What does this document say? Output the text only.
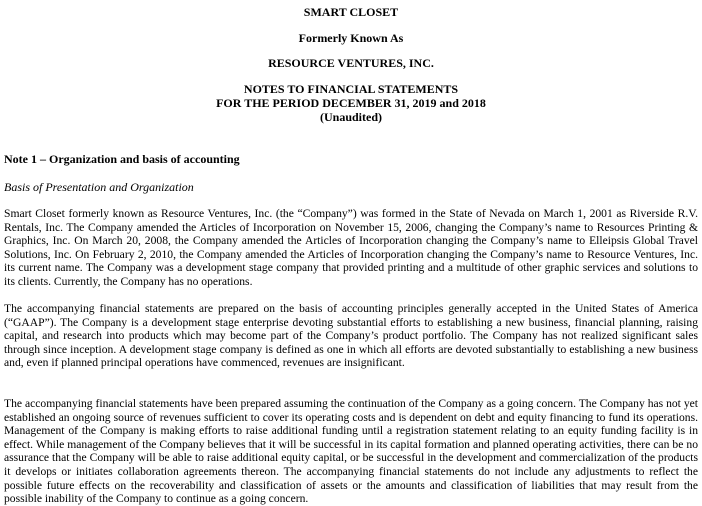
SMART CLOSET
Formerly Known As
RESOURCE VENTURES, INC.
NOTES TO FINANCIAL STATEMENTS
FOR THE PERIOD DECEMBER 31, 2019 and 2018
(Unaudited)
Note 1 – Organization and basis of accounting
Basis of Presentation and Organization

Smart Closet formerly known as Resource Ventures, Inc. (the “Company”) was formed in the State of Nevada on March 1, 2001 as Riverside R.V. Rentals, Inc. The Company amended the Articles of Incorporation on November 15, 2006, changing the Company’s name to Resources Printing & Graphics, Inc. On March 20, 2008, the Company amended the Articles of Incorporation changing the Company’s name to Elleipsis Global Travel Solutions, Inc. On February 2, 2010, the Company amended the Articles of Incorporation changing the Company’s name to Resource Ventures, Inc. its current name. The Company was a development stage company that provided printing and a multitude of other graphic services and solutions to its clients. Currently, the Company has no operations.

The accompanying financial statements are prepared on the basis of accounting principles generally accepted in the United States of America (“GAAP”). The Company is a development stage enterprise devoting substantial efforts to establishing a new business, financial planning, raising capital, and research into products which may become part of the Company’s product portfolio. The Company has not realized significant sales through since inception. A development stage company is defined as one in which all efforts are devoted substantially to establishing a new business and, even if planned principal operations have commenced, revenues are insignificant.

The accompanying financial statements have been prepared assuming the continuation of the Company as a going concern. The Company has not yet established an ongoing source of revenues sufficient to cover its operating costs and is dependent on debt and equity financing to fund its operations. Management of the Company is making efforts to raise additional funding until a registration statement relating to an equity funding facility is in effect. While management of the Company believes that it will be successful in its capital formation and planned operating activities, there can be no assurance that the Company will be able to raise additional equity capital, or be successful in the development and commercialization of the products it develops or initiates collaboration agreements thereon. The accompanying financial statements do not include any adjustments to reflect the possible future effects on the recoverability and classification of assets or the amounts and classification of liabilities that may result from the possible inability of the Company to continue as a going concern.
